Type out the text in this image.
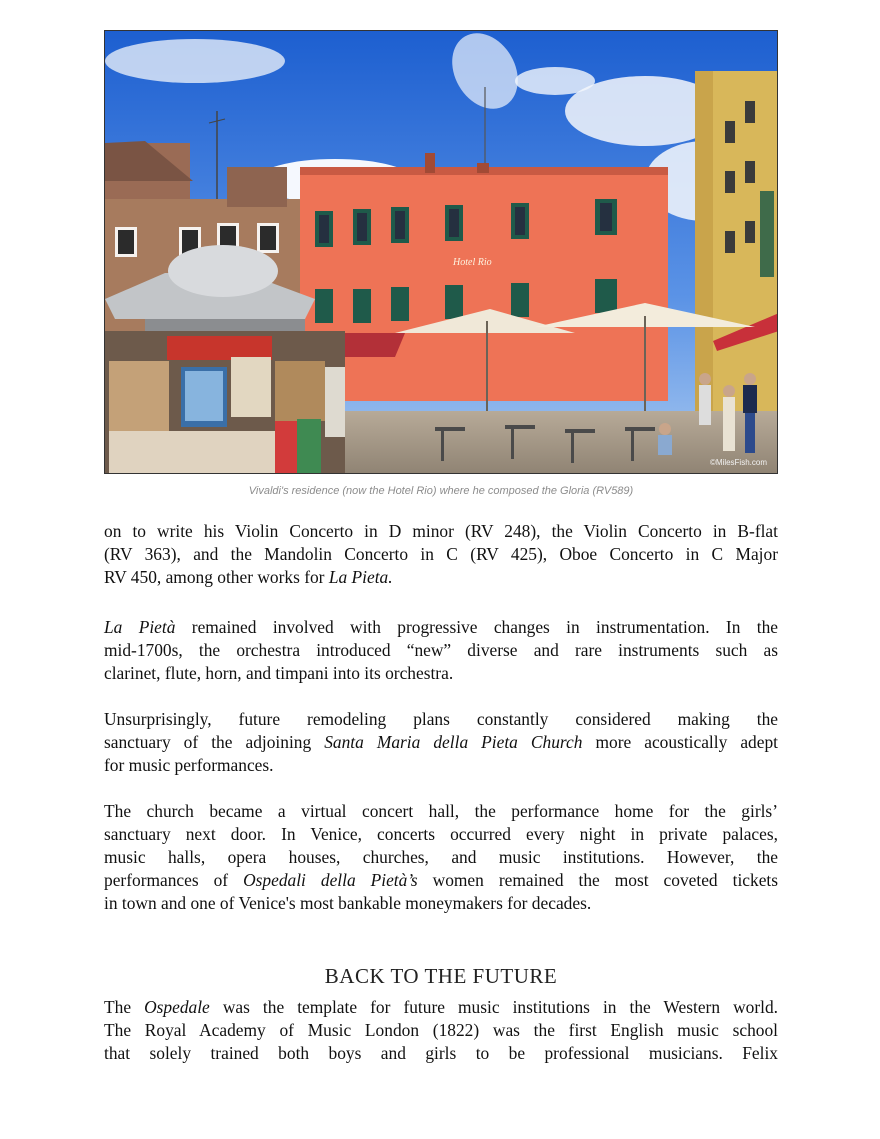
Hotel Rio
©MilesFish.com
Vivaldi's residence (now the Hotel Rio) where he composed the Gloria (RV589)
on to write his Violin Concerto in D minor (RV 248), the Violin Concerto in B-flat
(RV 363), and the Mandolin Concerto in C (RV 425), Oboe Concerto in C Major
RV 450, among other works for La Pieta.
La Pietà remained involved with progressive changes in instrumentation. In the
mid-1700s, the orchestra introduced “new” diverse and rare instruments such as
clarinet, flute, horn, and timpani into its orchestra.
Unsurprisingly, future remodeling plans constantly considered making the
sanctuary of the adjoining Santa Maria della Pieta Church more acoustically adept
for music performances.
The church became a virtual concert hall, the performance home for the girls’
sanctuary next door. In Venice, concerts occurred every night in private palaces,
music halls, opera houses, churches, and music institutions. However, the
performances of Ospedali della Pietà’s women remained the most coveted tickets
in town and one of Venice's most bankable moneymakers for decades.
BACK TO THE FUTURE
The Ospedale was the template for future music institutions in the Western world.
The Royal Academy of Music London (1822) was the first English music school
that solely trained both boys and girls to be professional musicians. Felix
